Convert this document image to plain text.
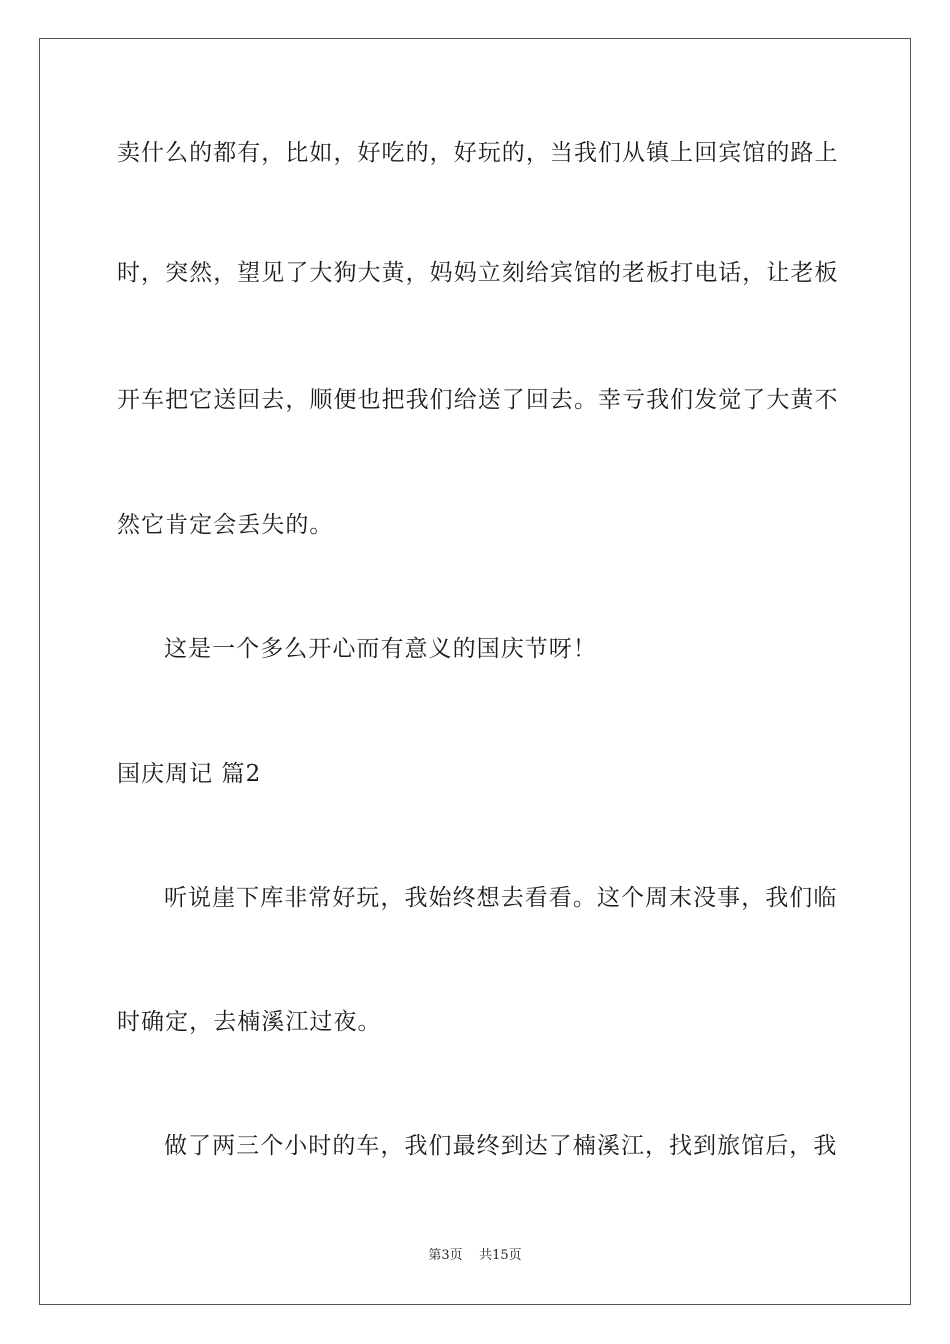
卖什么的都有，比如，好吃的，好玩的，当我们从镇上回宾馆的路上
时，突然，望见了大狗大黄，妈妈立刻给宾馆的老板打电话，让老板
开车把它送回去，顺便也把我们给送了回去。幸亏我们发觉了大黄不
然它肯定会丢失的。
这是一个多么开心而有意义的国庆节呀！
国庆周记 篇2
听说崖下库非常好玩，我始终想去看看。这个周末没事，我们临
时确定，去楠溪江过夜。
做了两三个小时的车，我们最终到达了楠溪江，找到旅馆后，我
第3页 共15页
